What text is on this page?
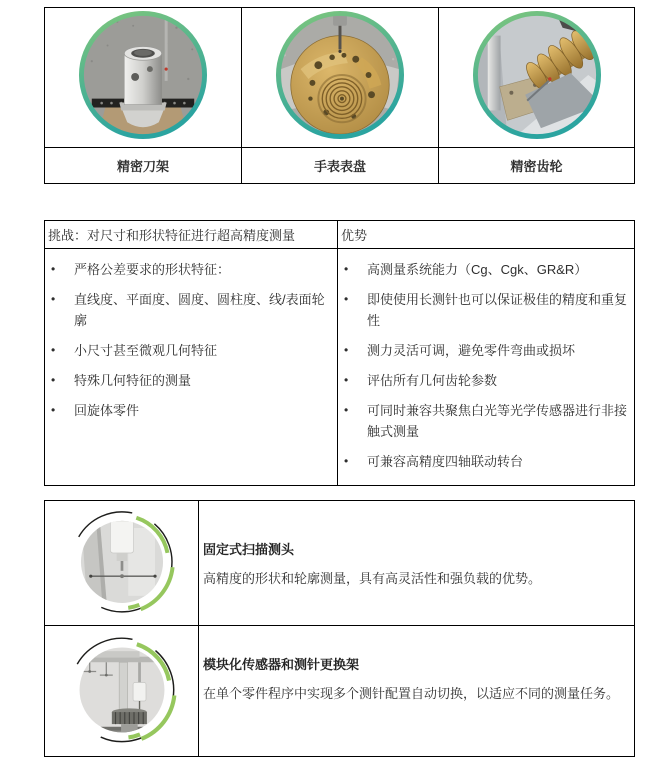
精密刀架	手表表盘	精密齿轮
挑战：对尺寸和形状特征进行超高精度测量	优势

•	严格公差要求的形状特征：
•	直线度、平面度、圆度、圆柱度、线/表面轮廓
•	小尺寸甚至微观几何特征
•	特殊几何特征的测量
•	回旋体零件

•	高测量系统能力（Cg、Cgk、GR&R）
•	即使使用长测针也可以保证极佳的精度和重复性
•	测力灵活可调，避免零件弯曲或损坏
•	评估所有几何齿轮参数
•	可同时兼容共聚焦白光等光学传感器进行非接触式测量
•	可兼容高精度四轴联动转台

固定式扫描测头
高精度的形状和轮廓测量，具有高灵活性和强负载的优势。

模块化传感器和测针更换架
在单个零件程序中实现多个测针配置自动切换，以适应不同的测量任务。
